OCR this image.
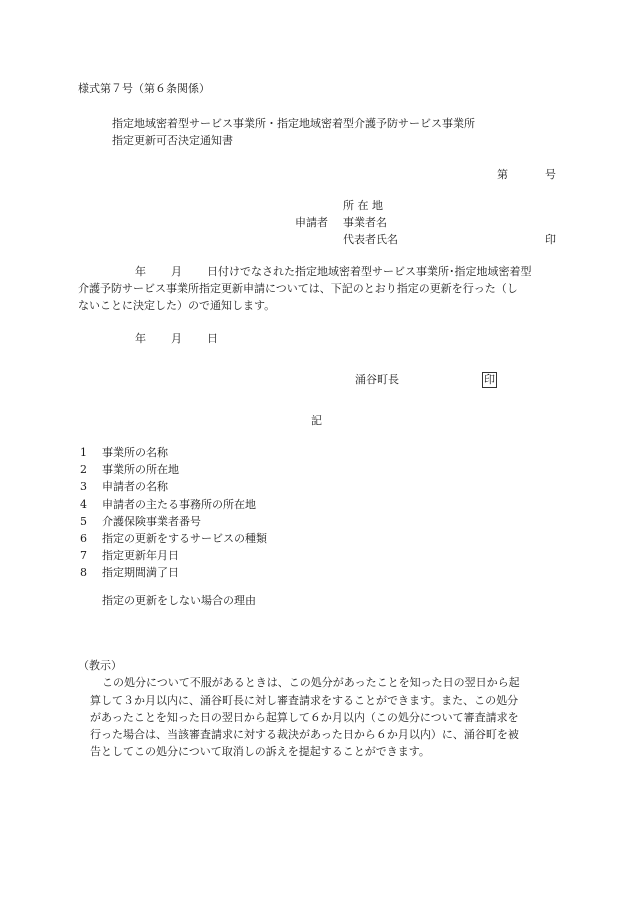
様式第７号（第６条関係）
指定地域密着型サービス事業所・指定地域密着型介護予防サービス事業所
指定更新可否決定通知書
第	号
所 在 地
申請者 事業者名
代表者氏名	印
年 月 日付けでなされた指定地域密着型サービス事業所･指定地域密着型
介護予防サービス事業所指定更新申請については、下記のとおり指定の更新を行った（し
ないことに決定した）ので通知します。
年 月 日
涌谷町長	印
記
1 事業所の名称
2 事業所の所在地
3 申請者の名称
4 申請者の主たる事務所の所在地
5 介護保険事業者番号
6 指定の更新をするサービスの種類
7 指定更新年月日
8 指定期間満了日
指定の更新をしない場合の理由
（教示）
この処分について不服があるときは、この処分があったことを知った日の翌日から起
算して３か月以内に、涌谷町長に対し審査請求をすることができます。また、この処分
があったことを知った日の翌日から起算して６か月以内（この処分について審査請求を
行った場合は、当該審査請求に対する裁決があった日から６か月以内）に、涌谷町を被
告としてこの処分について取消しの訴えを提起することができます。
